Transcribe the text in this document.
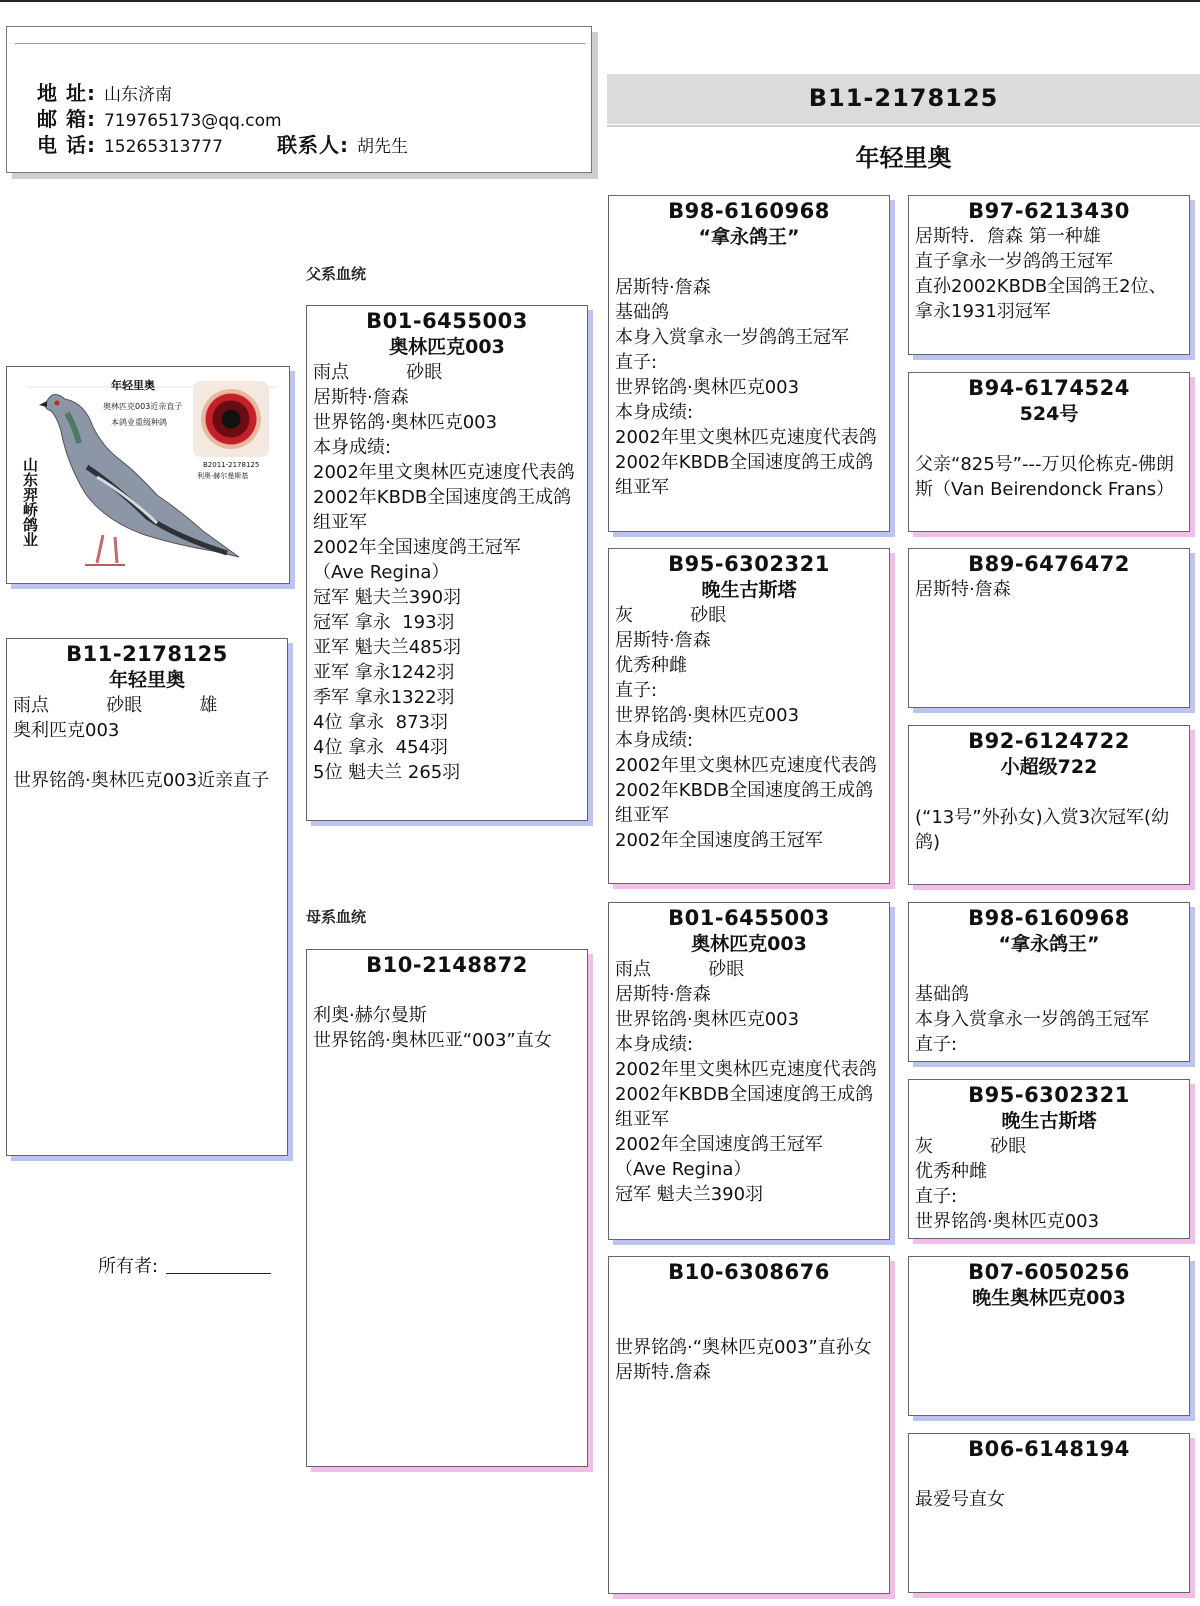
地 址: 山东济南
邮 箱: 719765173@qq.com
电 话: 15265313777	联系人: 胡先生
B11-2178125
年轻里奥
父系血统
母系血统
年轻里奥
奥林匹克003近亲直子
本鸽业重级种鸽
B2011-2178125
利奥·赫尔曼斯基
山东羿峤鸽业
B11-2178125
年轻里奥
雨点          砂眼          雄
奥利匹克003
世界铭鸽·奥林匹克003近亲直子
B01-6455003
奥林匹克003
雨点          砂眼
居斯特·詹森
世界铭鸽·奥林匹克003
本身成绩:
2002年里文奥林匹克速度代表鸽
2002年KBDB全国速度鸽王成鸽组亚军
2002年全国速度鸽王冠军
（Ave Regina）
冠军 魁夫兰390羽
冠军 拿永  193羽
亚军 魁夫兰485羽
亚军 拿永1242羽
季军 拿永1322羽
4位 拿永  873羽
4位 拿永  454羽
5位 魁夫兰 265羽
B10-2148872
利奥·赫尔曼斯
世界铭鸽·奥林匹亚“003”直女
B98-6160968
“拿永鸽王”
居斯特·詹森
基础鸽
本身入赏拿永一岁鸽鸽王冠军
直子:
世界铭鸽·奥林匹克003
本身成绩:
2002年里文奥林匹克速度代表鸽
2002年KBDB全国速度鸽王成鸽组亚军
B95-6302321
晚生古斯塔
灰          砂眼
居斯特·詹森
优秀种雌
直子:
世界铭鸽·奥林匹克003
本身成绩:
2002年里文奥林匹克速度代表鸽
2002年KBDB全国速度鸽王成鸽组亚军
2002年全国速度鸽王冠军
B01-6455003
奥林匹克003
雨点          砂眼
居斯特·詹森
世界铭鸽·奥林匹克003
本身成绩:
2002年里文奥林匹克速度代表鸽
2002年KBDB全国速度鸽王成鸽组亚军
2002年全国速度鸽王冠军
（Ave Regina）
冠军 魁夫兰390羽
B10-6308676
世界铭鸽·“奥林匹克003”直孙女
居斯特.詹森
B97-6213430
居斯特．詹森 第一种雄
直子拿永一岁鸽鸽王冠军
直孙2002KBDB全国鸽王2位、拿永1931羽冠军
B94-6174524
524号
父亲“825号”---万贝伦栋克-佛朗斯（Van Beirendonck Frans）
B89-6476472
居斯特·詹森
B92-6124722
小超级722
(“13号”外孙女)入赏3次冠军(幼鸽)
B98-6160968
“拿永鸽王”
基础鸽
本身入赏拿永一岁鸽鸽王冠军
直子:
B95-6302321
晚生古斯塔
灰          砂眼
优秀种雌
直子:
世界铭鸽·奥林匹克003
B07-6050256
晚生奥林匹克003
B06-6148194
最爱号直女
所有者:
